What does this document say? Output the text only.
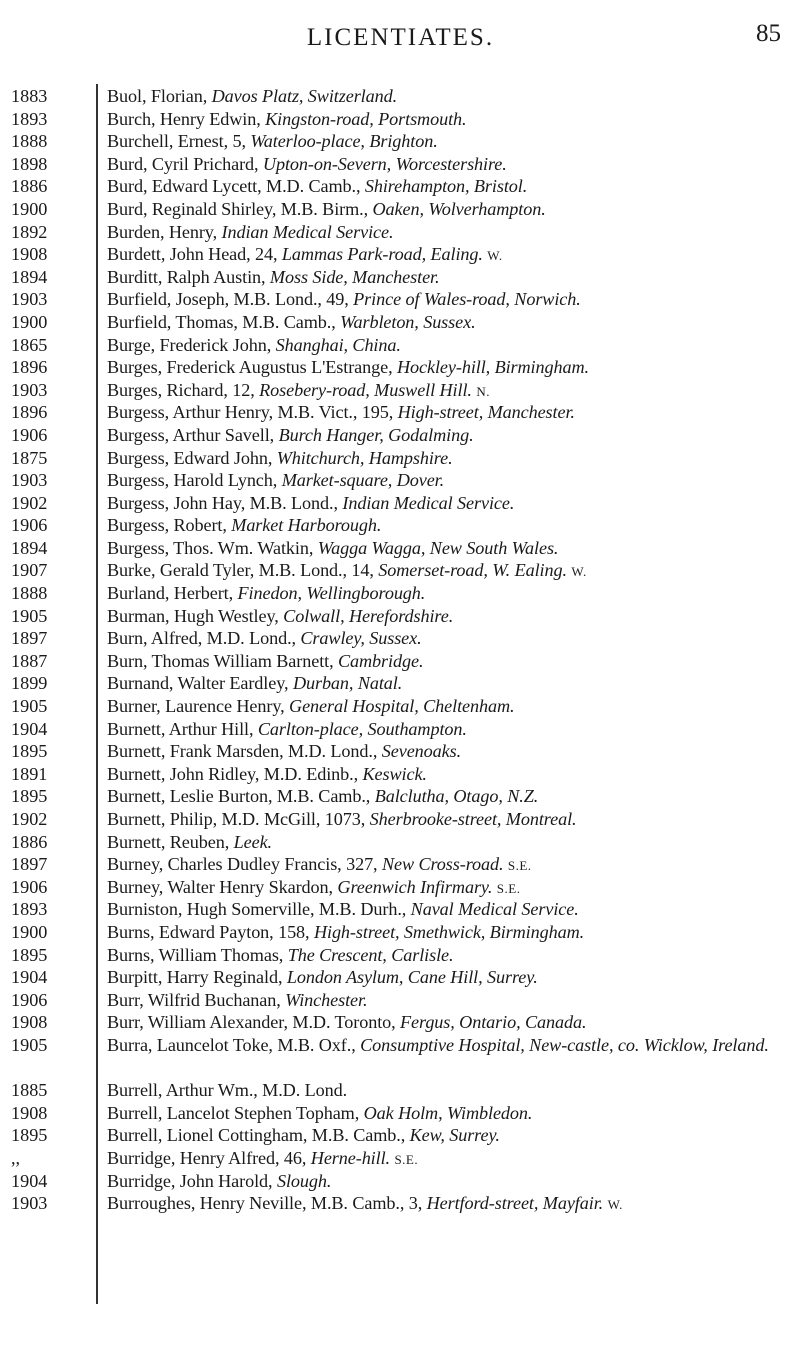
LICENTIATES.	85
1883	Buol, Florian, Davos Platz, Switzerland.
1893	Burch, Henry Edwin, Kingston-road, Portsmouth.
1888	Burchell, Ernest, 5, Waterloo-place, Brighton.
1898	Burd, Cyril Prichard, Upton-on-Severn, Worcestershire.
1886	Burd, Edward Lycett, M.D. Camb., Shirehampton, Bristol.
1900	Burd, Reginald Shirley, M.B. Birm., Oaken, Wolverhampton.
1892	Burden, Henry, Indian Medical Service.
1908	Burdett, John Head, 24, Lammas Park-road, Ealing. W.
1894	Burditt, Ralph Austin, Moss Side, Manchester.
1903	Burfield, Joseph, M.B. Lond., 49, Prince of Wales-road, Norwich.
1900	Burfield, Thomas, M.B. Camb., Warbleton, Sussex.
1865	Burge, Frederick John, Shanghai, China.
1896	Burges, Frederick Augustus L'Estrange, Hockley-hill, Birmingham.
1903	Burges, Richard, 12, Rosebery-road, Muswell Hill. N.
1896	Burgess, Arthur Henry, M.B. Vict., 195, High-street, Manchester.
1906	Burgess, Arthur Savell, Burch Hanger, Godalming.
1875	Burgess, Edward John, Whitchurch, Hampshire.
1903	Burgess, Harold Lynch, Market-square, Dover.
1902	Burgess, John Hay, M.B. Lond., Indian Medical Service.
1906	Burgess, Robert, Market Harborough.
1894	Burgess, Thos. Wm. Watkin, Wagga Wagga, New South Wales.
1907	Burke, Gerald Tyler, M.B. Lond., 14, Somerset-road, W. Ealing. W.
1888	Burland, Herbert, Finedon, Wellingborough.
1905	Burman, Hugh Westley, Colwall, Herefordshire.
1897	Burn, Alfred, M.D. Lond., Crawley, Sussex.
1887	Burn, Thomas William Barnett, Cambridge.
1899	Burnand, Walter Eardley, Durban, Natal.
1905	Burner, Laurence Henry, General Hospital, Cheltenham.
1904	Burnett, Arthur Hill, Carlton-place, Southampton.
1895	Burnett, Frank Marsden, M.D. Lond., Sevenoaks.
1891	Burnett, John Ridley, M.D. Edinb., Keswick.
1895	Burnett, Leslie Burton, M.B. Camb., Balclutha, Otago, N.Z.
1902	Burnett, Philip, M.D. McGill, 1073, Sherbrooke-street, Montreal.
1886	Burnett, Reuben, Leek.
1897	Burney, Charles Dudley Francis, 327, New Cross-road. S.E.
1906	Burney, Walter Henry Skardon, Greenwich Infirmary. S.E.
1893	Burniston, Hugh Somerville, M.B. Durh., Naval Medical Service.
1900	Burns, Edward Payton, 158, High-street, Smethwick, Birmingham.
1895	Burns, William Thomas, The Crescent, Carlisle.
1904	Burpitt, Harry Reginald, London Asylum, Cane Hill, Surrey.
1906	Burr, Wilfrid Buchanan, Winchester.
1908	Burr, William Alexander, M.D. Toronto, Fergus, Ontario, Canada.
1905	Burra, Launcelot Toke, M.B. Oxf., Consumptive Hospital, New-castle, co. Wicklow, Ireland.
1885	Burrell, Arthur Wm., M.D. Lond.
1908	Burrell, Lancelot Stephen Topham, Oak Holm, Wimbledon.
1895	Burrell, Lionel Cottingham, M.B. Camb., Kew, Surrey.
,,	Burridge, Henry Alfred, 46, Herne-hill. S.E.
1904	Burridge, John Harold, Slough.
1903	Burroughes, Henry Neville, M.B. Camb., 3, Hertford-street, Mayfair. W.
